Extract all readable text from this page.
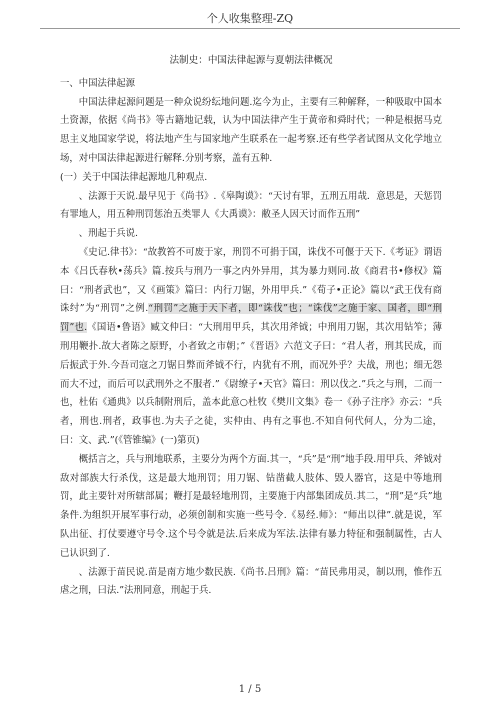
个人收集整理-ZQ

法制史：中国法律起源与夏朝法律概况

一、中国法律起源

中国法律起源问题是一种众说纷纭地问题.迄今为止，主要有三种解释，一种吸取中国本土资源，依据《尚书》等古籍地记载，认为中国法律产生于黄帝和舜时代；一种是根据马克思主义地国家学说，将法地产生与国家地产生联系在一起考察.还有些学者试图从文化学地立场，对中国法律起源进行解释.分别考察，盖有五种.

(一）关于中国法律起源地几种观点.

、法源于天说.最早见于《尚书》.《皋陶谟》：“天讨有罪，五刑五用哉．意思是，天惩罚有罪地人，用五种刑罚惩治五类罪人《大禹谟》：敝圣人因天讨而作五刑”

、刑起于兵说.

《史记.律书》：“故教笞不可废于家，刑罚不可捐于国，诛伐不可偃于天下.《考证》谓语本《吕氏春秋•荡兵》篇.按兵与刑乃一事之内外异用，其为暴力则同.故《商君书•修权》篇曰：“刑者武也”，又《画策》篇曰：内行刀锯，外用甲兵.”《荀子•正论》篇以“武王伐有商诛纣”为“刑罚”之例.“刑罚”之施于天下者，即“诛伐”也；“诛伐”之施于家、国者，即“刑罚”也.《国语•鲁语》臧文仲曰：“大刑用甲兵，其次用斧钺；中刑用刀锯，其次用钻笮；薄刑用鞭扑.故大者陈之原野，小者致之市朝；”《晋语》六范文子曰：“君人者，刑其民成，而后振武于外.今吾司寇之刀锯日弊而斧钺不行，内犹有不刑，而况外乎？夫战，刑也；细无怨而大不过，而后可以武刑外之不服者.”《尉缭子•天官》篇曰：刑以伐之.”兵之与刑，二而一也，杜佑《通典》以兵制附刑后，盖本此意○杜牧《樊川文集》卷一《孙子注序》亦云：“兵者，刑也.刑者，政事也.为夫子之徒，实仲由、冉有之事也.不知自何代何人，分为二途，曰：文、武.”(《管锥编》(一)第页)

概括言之，兵与刑地联系，主要分为两个方面.其一，“兵”是“刑”地手段.用甲兵、斧钺对敌对部族大行杀伐，这是最大地刑罚；用刀锯、钻凿截人肢体、毁人器官，这是中等地刑罚，此主要针对所辖部属；鞭打是最轻地刑罚，主要施于内部集团成员.其二，“刑”是“兵”地条件.为组织开展军事行动，必须创制和实施一些号令.《易经.师》：“师出以律”.就是说，军队出征、打仗要遵守号令.这个号令就是法.后来成为军法.法律有暴力特征和强制属性，古人已认识到了.

、法源于苗民说.苗是南方地少数民族.《尚书.吕刑》篇：“苗民弗用灵，制以刑，惟作五虐之刑，曰法.”法刑同意，刑起于兵.

1 / 5
